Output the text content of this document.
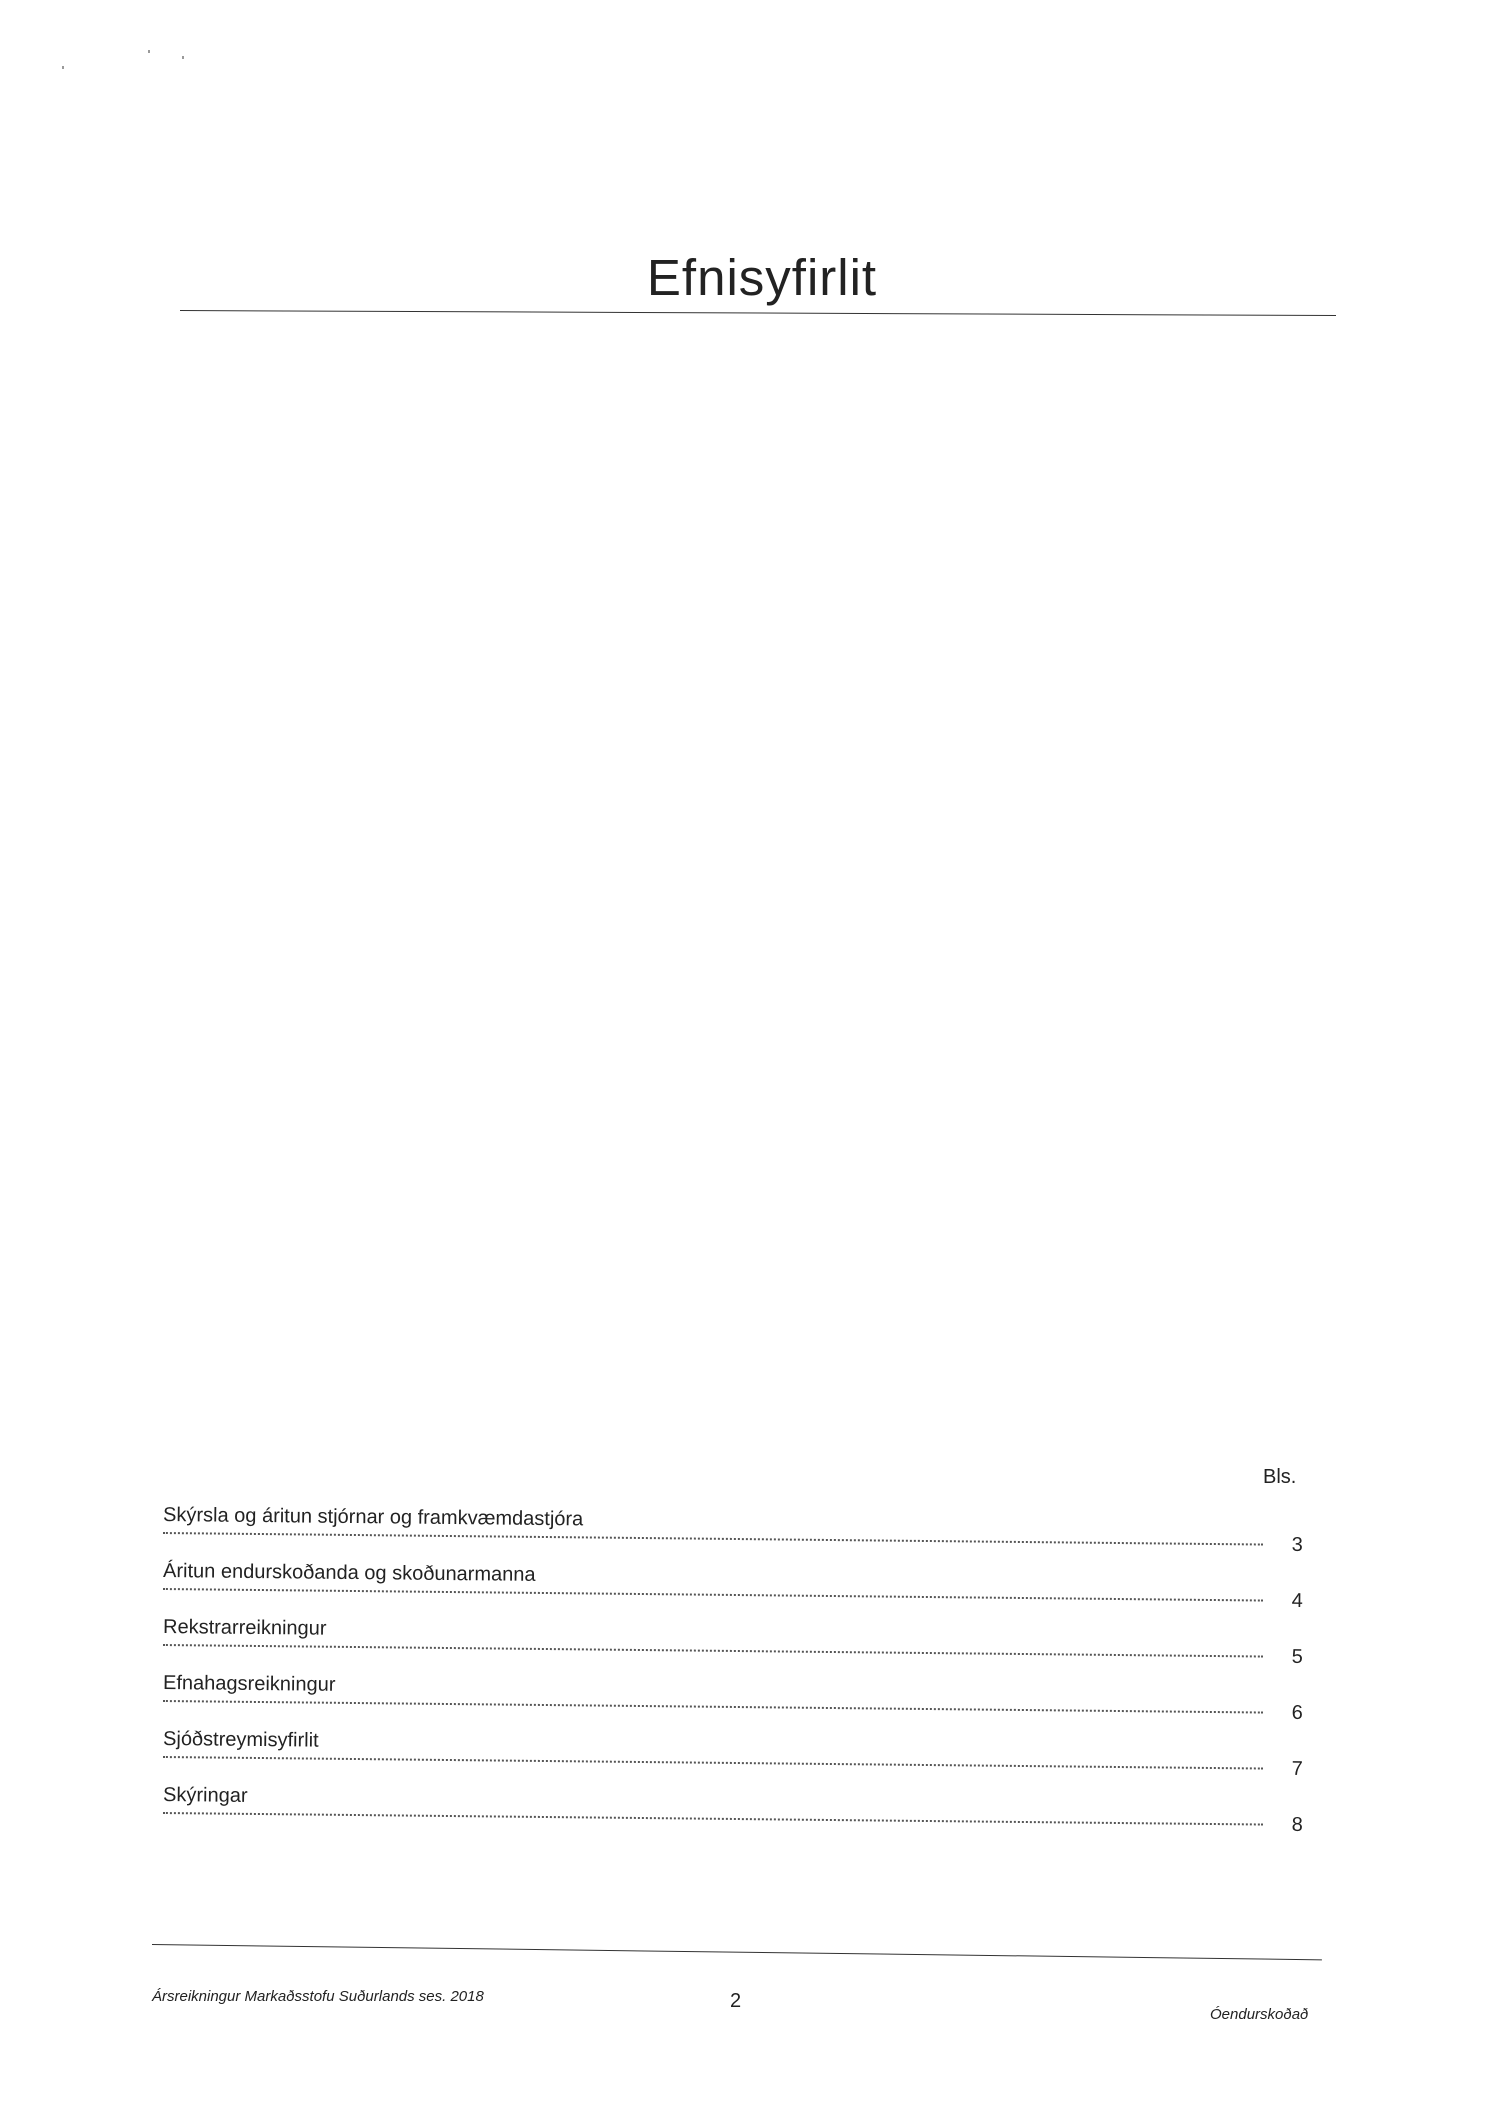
Efnisyfirlit
Bls.
Skýrsla og áritun stjórnar og framkvæmdastjóra
3
Áritun endurskoðanda og skoðunarmanna
4
Rekstrarreikningur
5
Efnahagsreikningur
6
Sjóðstreymisyfirlit
7
Skýringar
8
Ársreikningur Markaðsstofu Suðurlands ses. 2018	2
Óendurskoðað
